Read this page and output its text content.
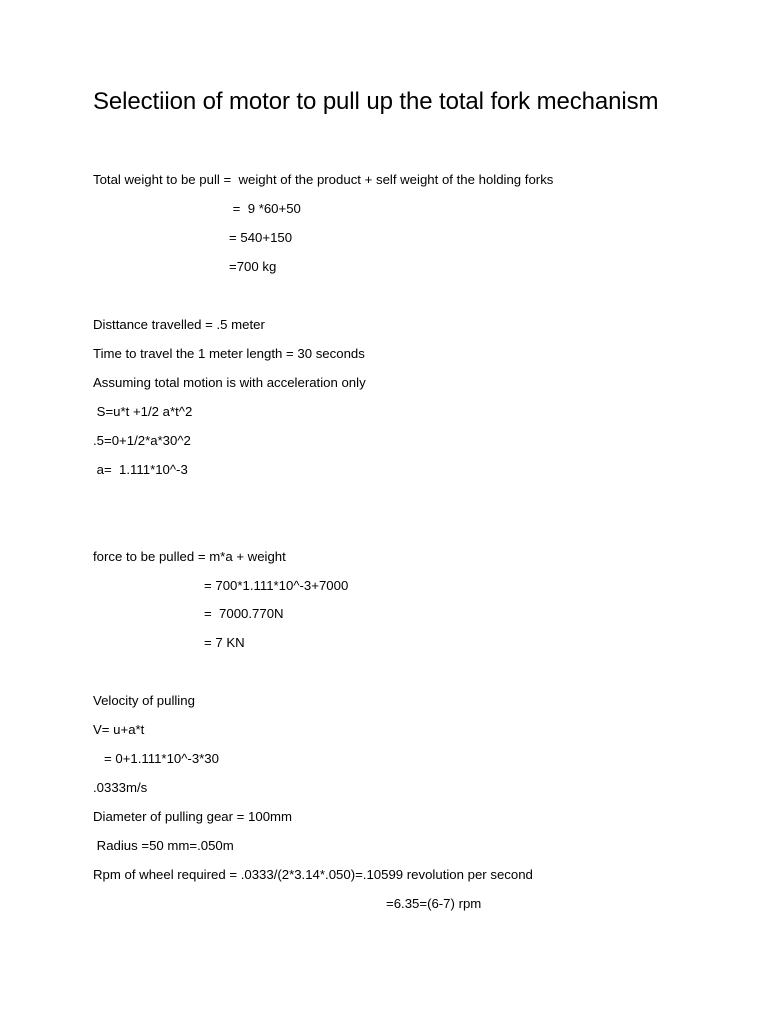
Selectiion of motor to pull up the total fork mechanism
Total weight to be pull =  weight of the product + self weight of the holding forks
=  9 *60+50
= 540+150
=700 kg
Disttance travelled = .5 meter
Time to travel the 1 meter length = 30 seconds
Assuming total motion is with acceleration only
S=u*t +1/2 a*t^2
.5=0+1/2*a*30^2
a=  1.111*10^-3
force to be pulled = m*a + weight
= 700*1.111*10^-3+7000
=  7000.770N
= 7 KN
Velocity of pulling
V= u+a*t
= 0+1.111*10^-3*30
.0333m/s
Diameter of pulling gear = 100mm
Radius =50 mm=.050m
Rpm of wheel required = .0333/(2*3.14*.050)=.10599 revolution per second
=6.35=(6-7) rpm
